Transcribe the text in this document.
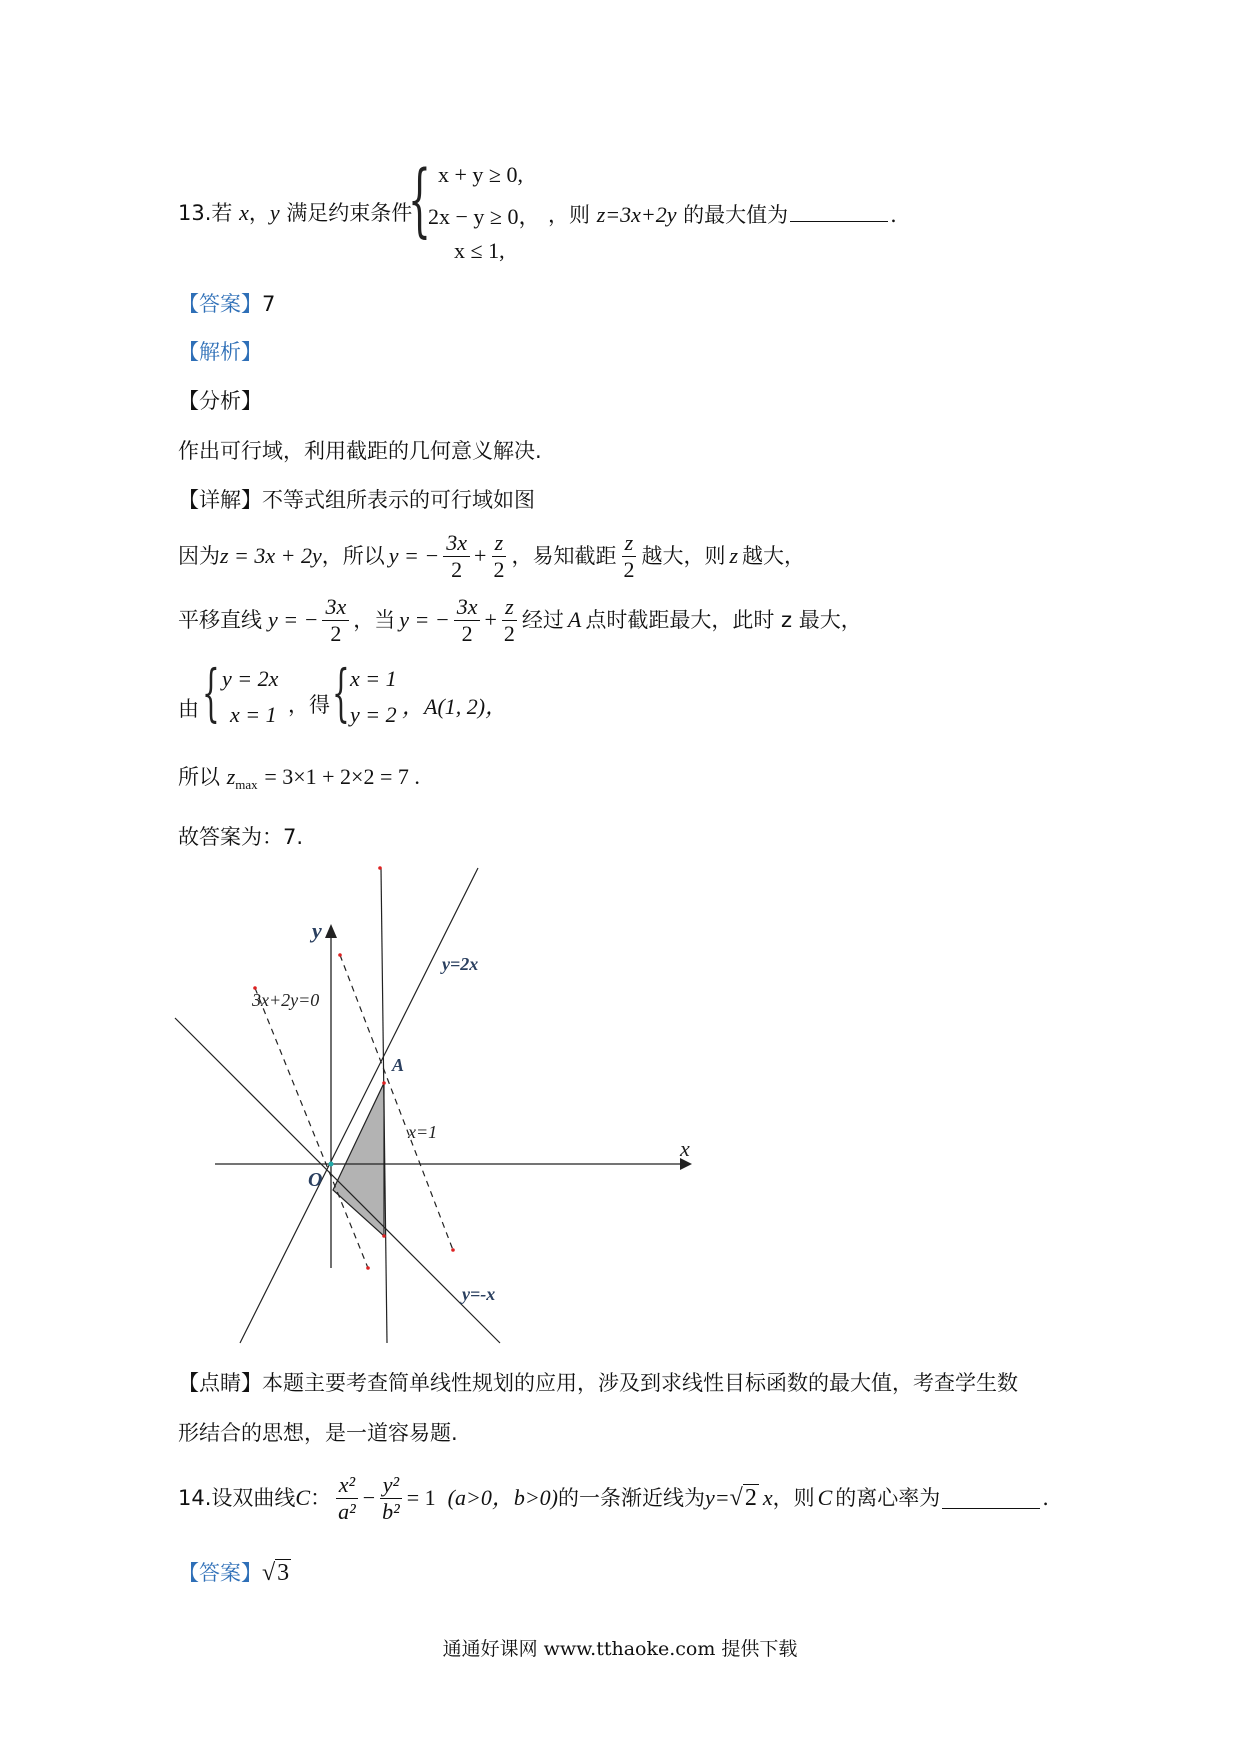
13.若 x，y 满足约束条件
{ x + y ≥ 0,
2x − y ≥ 0，
x ≤ 1,
，则 z=3x+2y 的最大值为	.
【答案】7
【解析】
【分析】
作出可行域，利用截距的几何意义解决.
【详解】不等式组所表示的可行域如图
因为 z = 3x + 2y ，所以 y = − $\frac{3x}{2} + \frac{z}{2}$ ，易知截距 $\frac{z}{2}$ 越大，则 z 越大，
平移直线 y = − $\frac{3x}{2}$ ，当 y = − $\frac{3x}{2} + \frac{z}{2}$ 经过 A 点时截距最大，此时 z 最大，
由 { y = 2x
x = 1 ，得 { x = 1
y = 2 ，A(1, 2)，
所以 $z_{max} = 3\times 1 + 2\times 2 = 7$ .
故答案为：7.
y
x
O
A
y=2x
x=1
y=-x
3x+2y=0
【点睛】本题主要考查简单线性规划的应用，涉及到求线性目标函数的最大值，考查学生数
形结合的思想，是一道容易题.
14. 设双曲线 C ： $\frac{\text{x²}}{\text{a²}} - \frac{\text{y²}}{\text{b²}} = 1$ (a>0，b>0) 的一条渐近线为 y= √2 x ，则 C 的离心率为	.
【答案】√3
通通好课网 www.tthaoke.com 提供下载
